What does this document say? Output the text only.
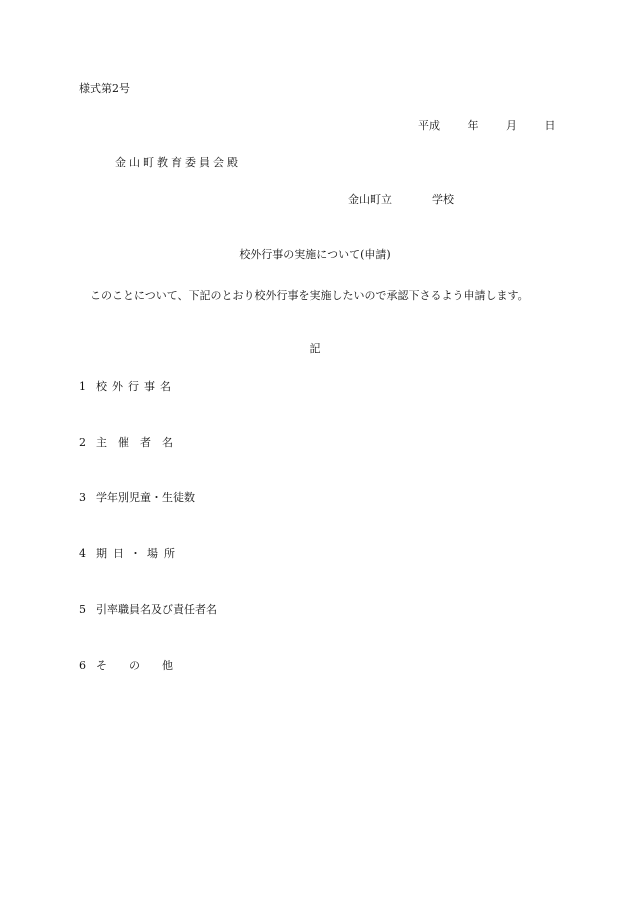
様式第2号
平成	年	月	日
金山町教育委員会殿
金山町立	学校
校外行事の実施について(申請)
このことについて、下記のとおり校外行事を実施したいので承認下さるよう申請します。
記
1 校外行事名
2 主催者名
3 学年別児童・生徒数
4 期日・場所
5 引率職員名及び責任者名
6 その他
